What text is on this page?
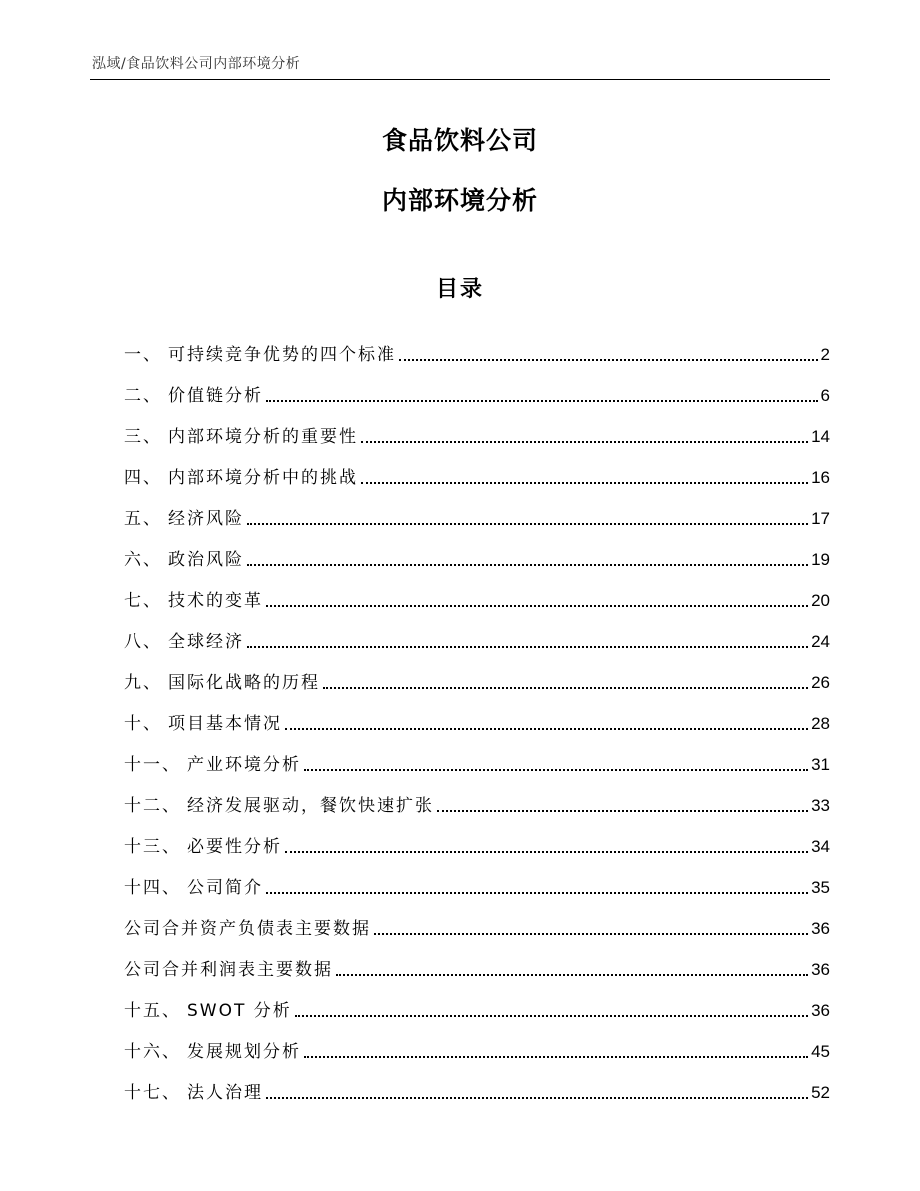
泓域/食品饮料公司内部环境分析
食品饮料公司
内部环境分析
目录
一、 可持续竞争优势的四个标准	2
二、 价值链分析	6
三、 内部环境分析的重要性	14
四、 内部环境分析中的挑战	16
五、 经济风险	17
六、 政治风险	19
七、 技术的变革	20
八、 全球经济	24
九、 国际化战略的历程	26
十、 项目基本情况	28
十一、 产业环境分析	31
十二、 经济发展驱动，餐饮快速扩张	33
十三、 必要性分析	34
十四、 公司简介	35
公司合并资产负债表主要数据	36
公司合并利润表主要数据	36
十五、 SWOT 分析	36
十六、 发展规划分析	45
十七、 法人治理	52
